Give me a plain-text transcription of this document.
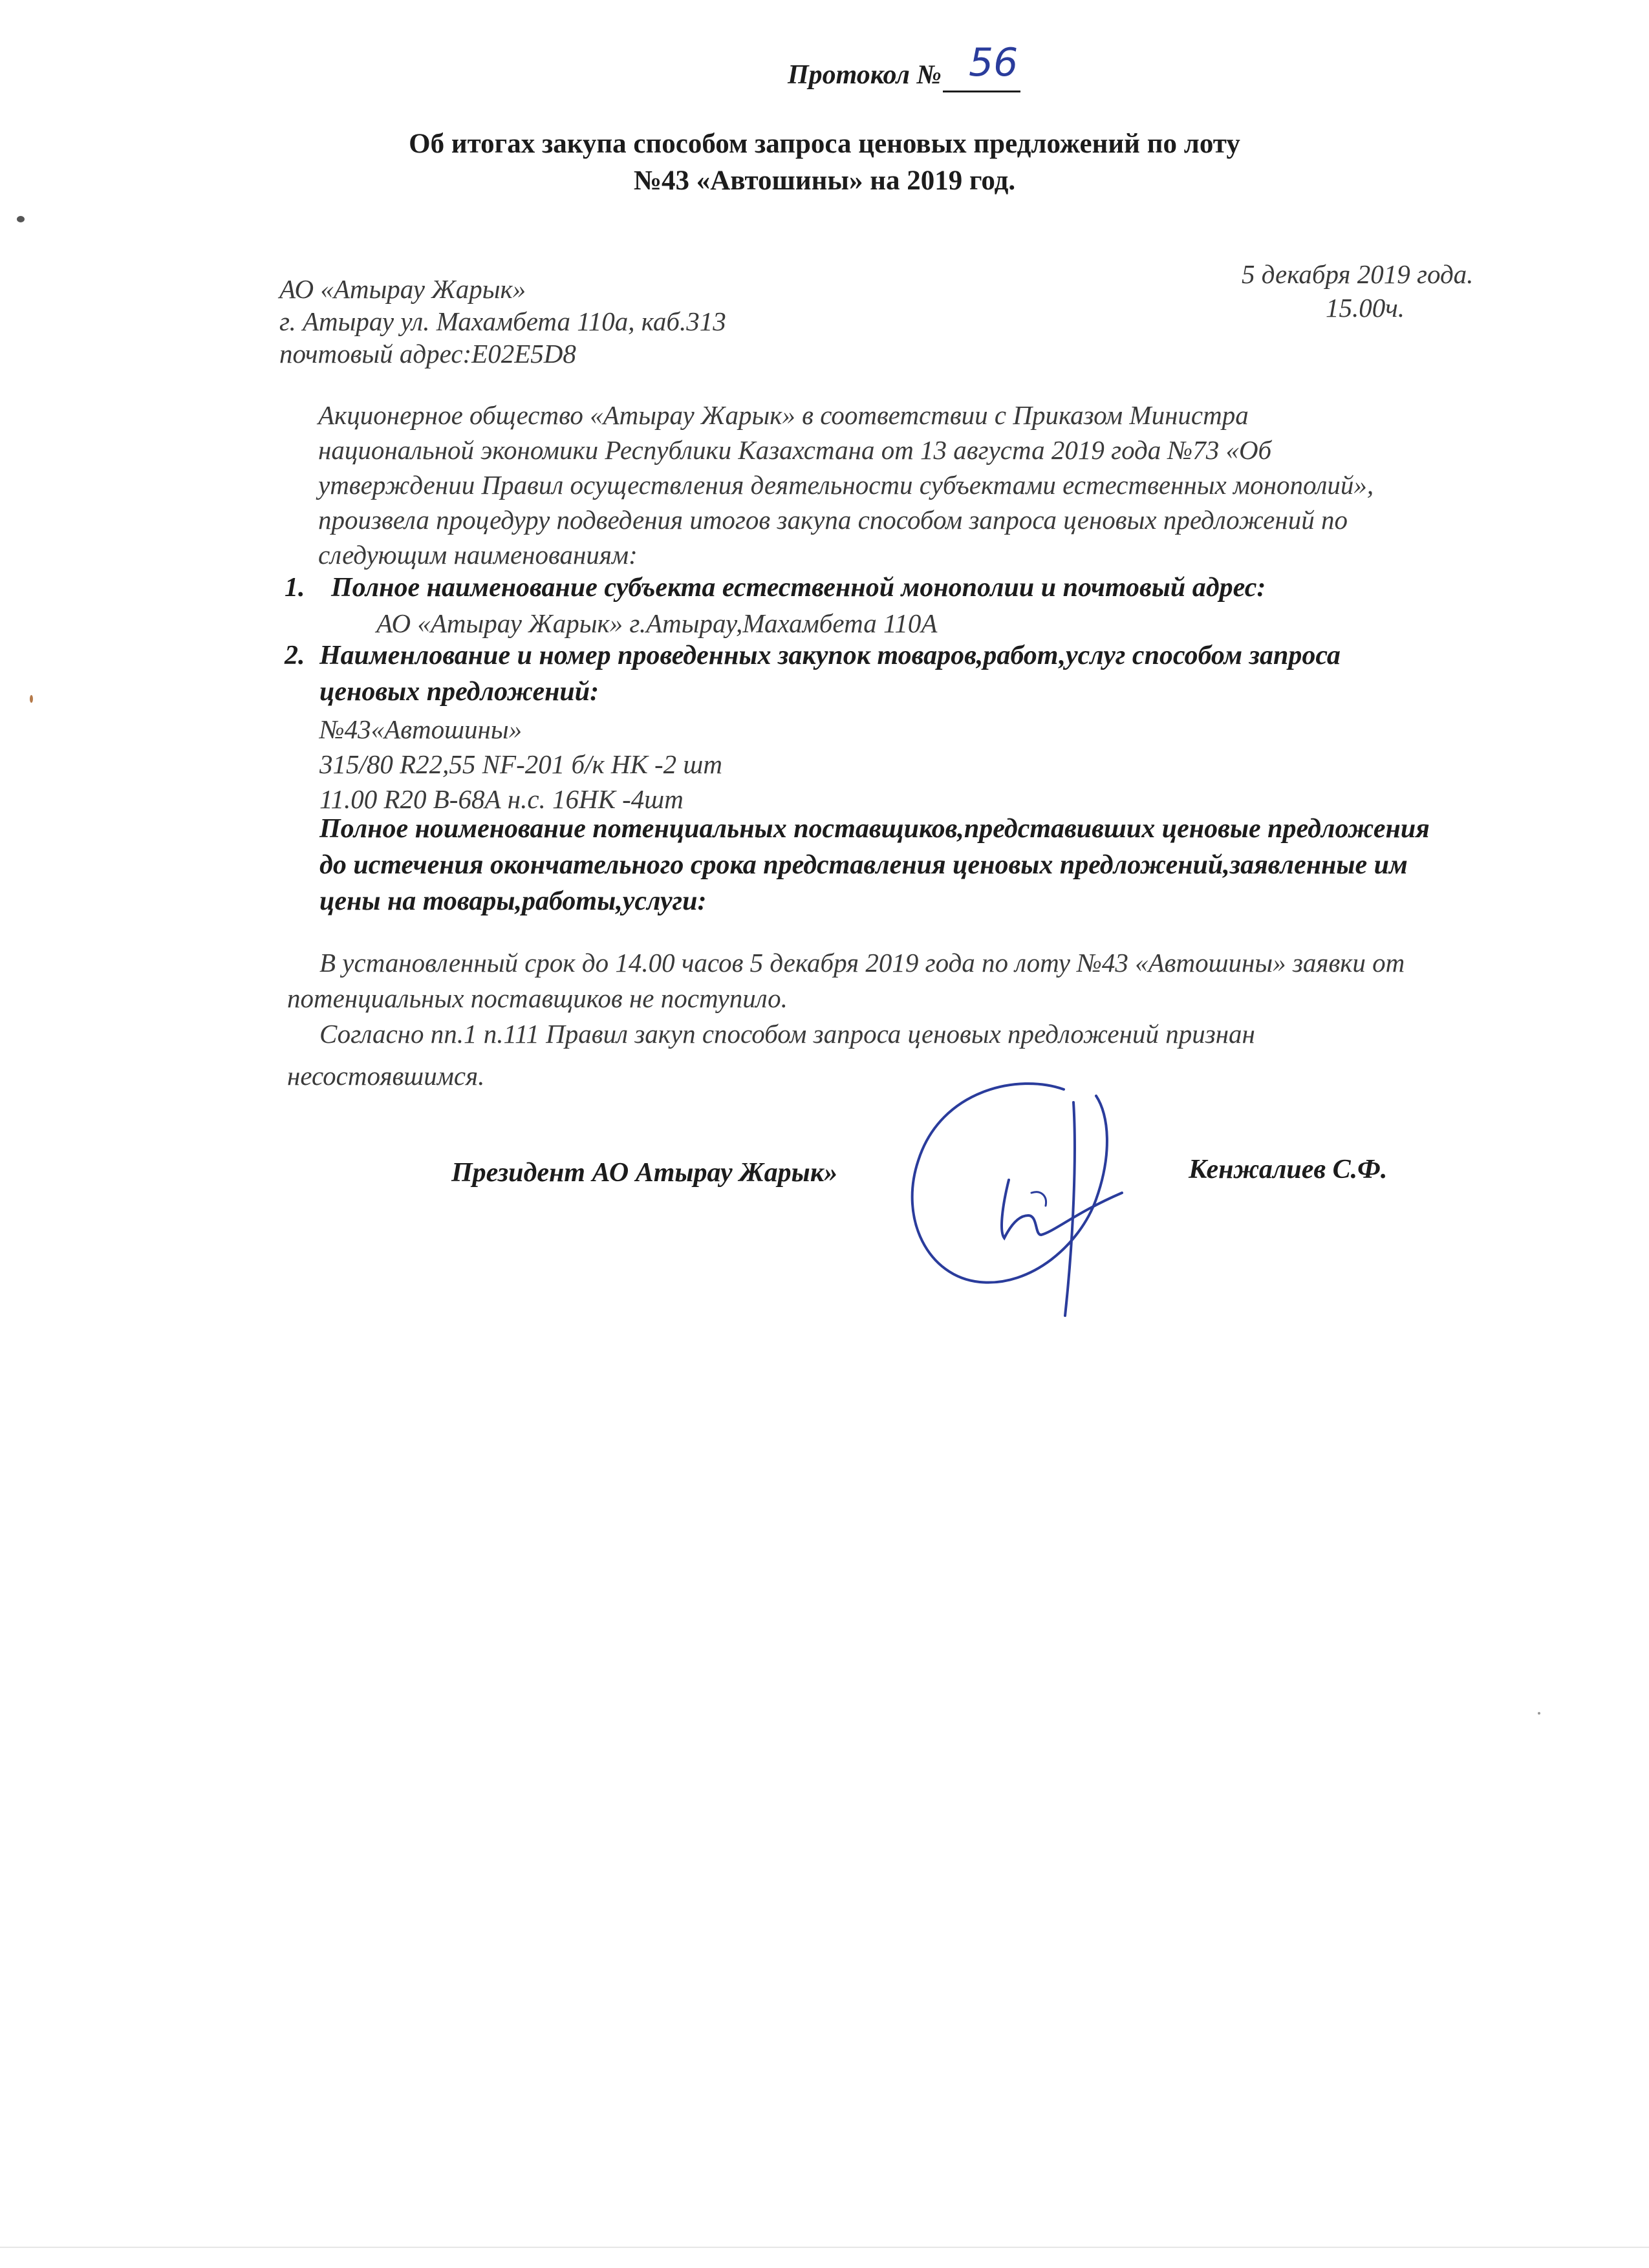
Протокол № 56
Об итогах закупа способом запроса ценовых предложений по лоту
№43 «Автошины» на 2019 год.
АО «Атырау Жарык»
г. Атырау ул. Махамбета 110а, каб.313
почтовый адрес:Е02Е5D8
5 декабря 2019 года.
15.00ч.
Акционерное общество «Атырау Жарык» в соответствии с Приказом Министра
национальной экономики Республики Казахстана от 13 августа 2019 года №73 «Об
утверждении Правил осуществления деятельности субъектами естественных монополий»,
произвела процедуру подведения итогов закупа способом запроса ценовых предложений по
следующим наименованиям:
1. Полное наименование субъекта естественной монополии и почтовый адрес:
АО «Атырау Жарык» г.Атырау,Махамбета 110А
2. Наименлование и номер проведенных закупок товаров,работ,услуг способом запроса
ценовых предложений:
№43«Автошины»
315/80 R22,55 NF-201 б/к НК -2 шт
11.00 R20 В-68А н.с. 16НК -4шт
Полное ноименование потенциальных поставщиков,представивших ценовые предложения
до истечения окончательного срока представления ценовых предложений,заявленные им
цены на товары,работы,услуги:
В установленный срок до 14.00 часов 5 декабря 2019 года по лоту №43 «Автошины» заявки от
потенциальных поставщиков не поступило.
Согласно пп.1 п.111 Правил закуп способом запроса ценовых предложений признан
несостоявшимся.
Президент АО Атырау Жарык»	Кенжалиев С.Ф.
